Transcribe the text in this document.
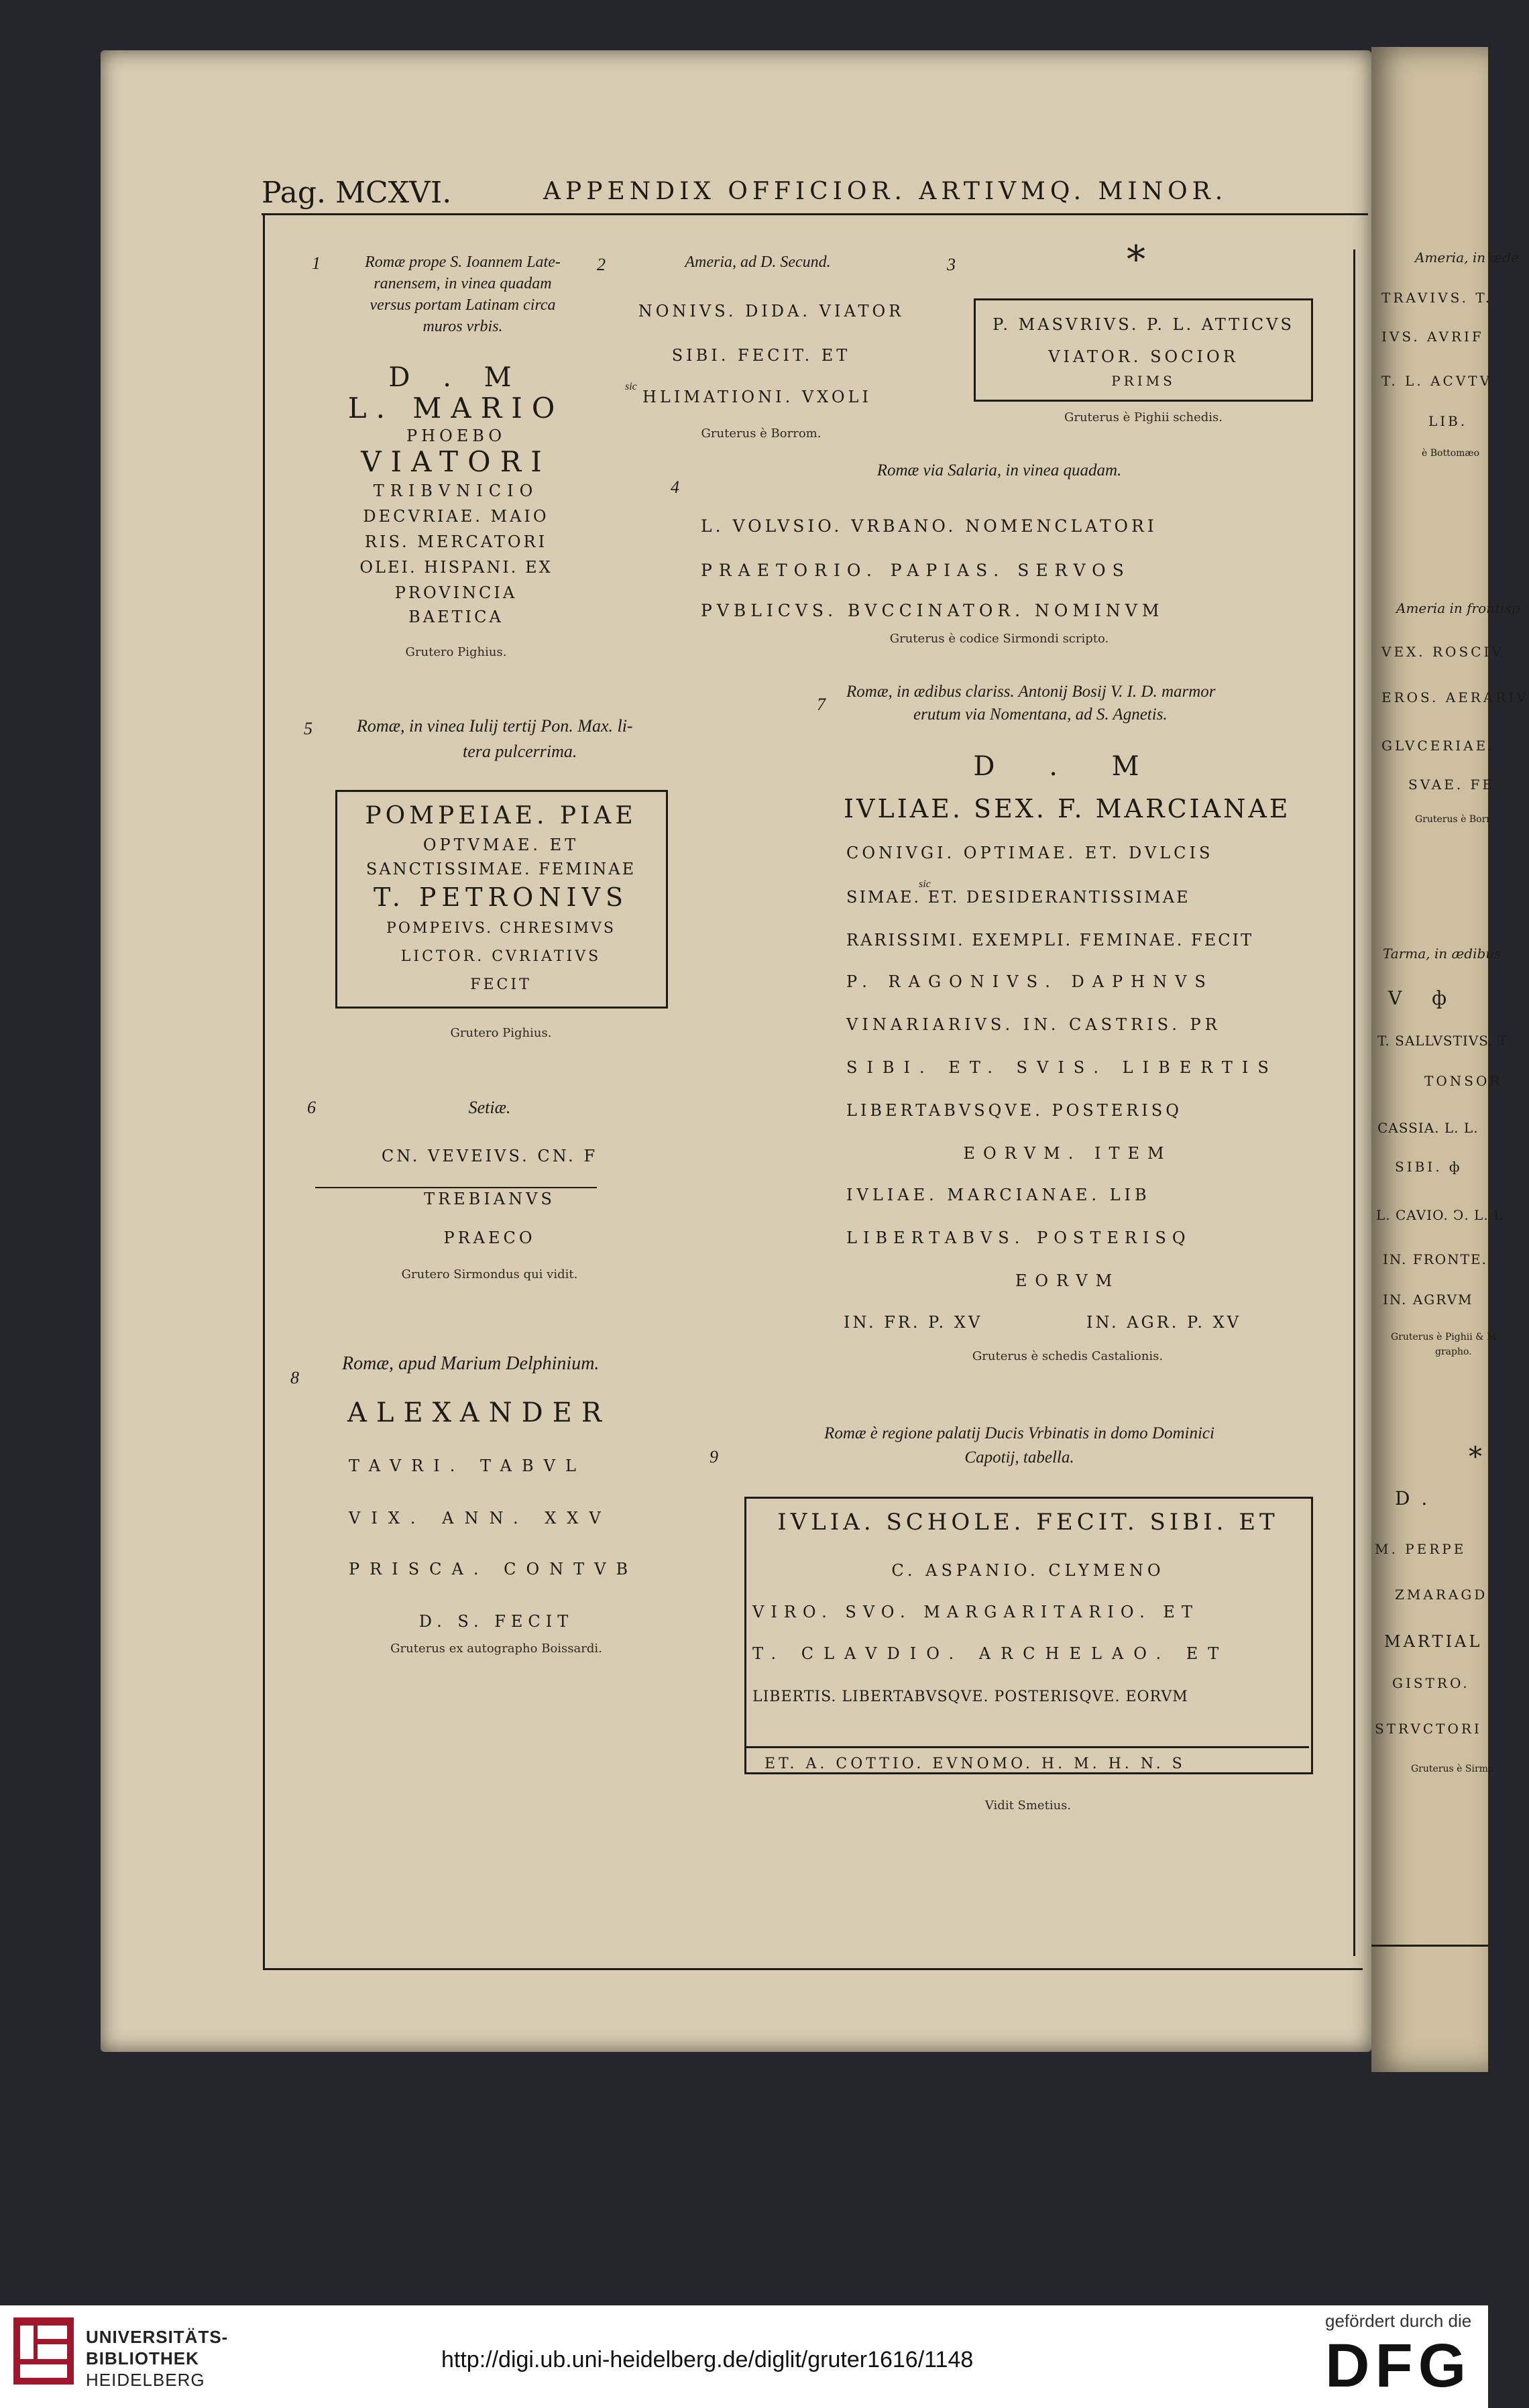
Pag. MCXVI.	APPENDIX OFFICIOR. ARTIVMQ. MINOR.
1	Romæ prope S. Ioannem Late-
ranensem, in vinea quadam
versus portam Latinam circa
muros vrbis.
D . M
L. MARIO
PHOEBO
VIATORI
TRIBVNICIO
DECVRIAE. MAIO
RIS. MERCATORI
OLEI. HISPANI. EX
PROVINCIA
BAETICA
Grutero Pighius.
2	Ameria, ad D. Secund.
NONIVS. DIDA. VIATOR
SIBI. FECIT. ET
sic
HLIMATIONI. VXOLI
Gruterus è Borrom.
3	*
P. MASVRIVS. P. L. ATTICVS
VIATOR. SOCIOR
PRIMS
Gruterus è Pighii schedis.
4
Romæ via Salaria, in vinea quadam.
L. VOLVSIO. VRBANO. NOMENCLATORI
PRAETORIO. PAPIAS. SERVOS
PVBLICVS. BVCCINATOR. NOMINVM
Gruterus è codice Sirmondi scripto.
5	Romæ, in vinea Iulij tertij Pon. Max. li-
tera pulcerrima.
POMPEIAE. PIAE
OPTVMAE. ET
SANCTISSIMAE. FEMINAE
T. PETRONIVS
POMPEIVS. CHRESIMVS
LICTOR. CVRIATIVS
FECIT
Grutero Pighius.
6	Setiæ.
CN. VEVEIVS. CN. F
TREBIANVS
PRAECO
Grutero Sirmondus qui vidit.
7
Romæ, in ædibus clariss. Antonij Bosij V. I. D. marmor
erutum via Nomentana, ad S. Agnetis.
D . M
IVLIAE. SEX. F. MARCIANAE
CONIVGI. OPTIMAE. ET. DVLCIS
sic
SIMAE. ET. DESIDERANTISSIMAE
RARISSIMI. EXEMPLI. FEMINAE. FECIT
P. RAGONIVS. DAPHNVS
VINARIARIVS. IN. CASTRIS. PR
SIBI. ET. SVIS. LIBERTIS
LIBERTABVSQVE. POSTERISQ
EORVM. ITEM
IVLIAE. MARCIANAE. LIB
LIBERTABVS. POSTERISQ
EORVM
IN. FR. P. XV	IN. AGR. P. XV
Gruterus è schedis Castalionis.
8
Romæ, apud Marium Delphinium.
ALEXANDER
TAVRI. TABVL
VIX. ANN. XXV
PRISCA. CONTVB
D. S. FECIT
Gruterus ex autographo Boissardi.
9
Romæ è regione palatij Ducis Vrbinatis in domo Dominici
Capotij, tabella.
IVLIA. SCHOLE. FECIT. SIBI. ET
C. ASPANIO. CLYMENO
VIRO. SVO. MARGARITARIO. ET
T. CLAVDIO. ARCHELAO. ET
LIBERTIS. LIBERTABVSQVE. POSTERISQVE. EORVM
ET. A. COTTIO. EVNOMO. H. M. H. N. S
Vidit Smetius.
Ameria, in æde
TRAVIVS. T.
IVS. AVRIF
T. L. ACVTV
LIB.
è Bottomæo
Ameria in frontisp
VEX. ROSCIV
EROS. AERARIV
GLVCERIAE.
SVAE. FE
Gruterus è Borr
Tarma, in ædibus
V ф
T. SALLVSTIVS. T
TONSOR
CASSIA. L. L.
SIBI. ф
L. CAVIO. Ͻ. L. L
IN. FRONTE.
IN. AGRVM
Gruterus è Pighii & M
grapho.
*
D .
M. PERPE
ZMARAGD
MARTIAL
GISTRO.
STRVCTORI
Gruterus è Sirmo
UNIVERSITÄTS-
BIBLIOTHEK
HEIDELBERG
http://digi.ub.uni-heidelberg.de/diglit/gruter1616/1148
gefördert durch die
DFG
